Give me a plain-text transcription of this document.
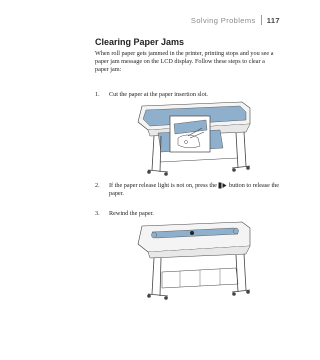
Solving Problems 117
Clearing Paper Jams

When roll paper gets jammed in the printer, printing stops and you see a paper jam message on the LCD display. Follow these steps to clear a paper jam:

1.	Cut the paper at the paper insertion slot.
2.	If the paper release light is not on, press the button to release the paper.
3.	Rewind the paper.
